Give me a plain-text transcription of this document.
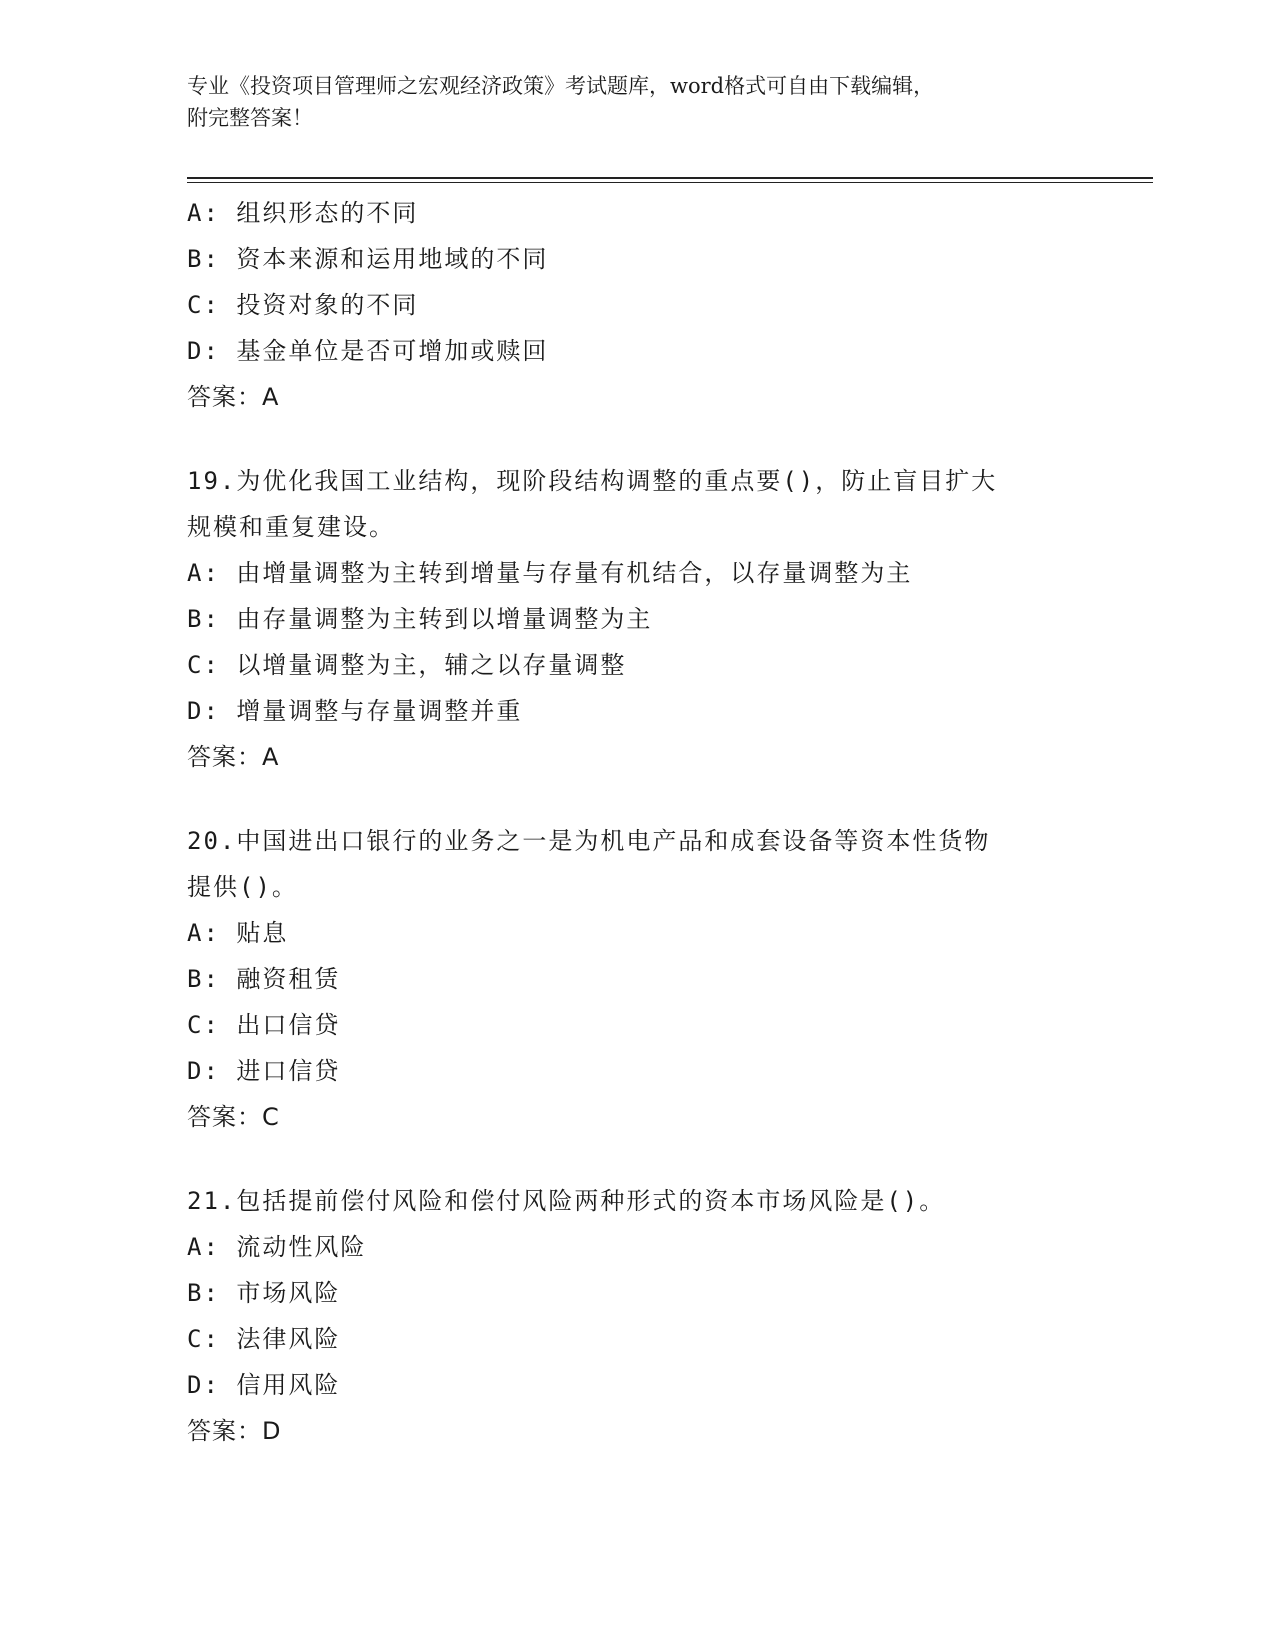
专业《投资项目管理师之宏观经济政策》考试题库，word格式可自由下载编辑，
附完整答案！
A: 组织形态的不同
B: 资本来源和运用地域的不同
C: 投资对象的不同
D: 基金单位是否可增加或赎回
答案：A
19.为优化我国工业结构，现阶段结构调整的重点要()，防止盲目扩大
规模和重复建设。
A: 由增量调整为主转到增量与存量有机结合，以存量调整为主
B: 由存量调整为主转到以增量调整为主
C: 以增量调整为主，辅之以存量调整
D: 增量调整与存量调整并重
答案：A
20.中国进出口银行的业务之一是为机电产品和成套设备等资本性货物
提供()。
A: 贴息
B: 融资租赁
C: 出口信贷
D: 进口信贷
答案：C
21.包括提前偿付风险和偿付风险两种形式的资本市场风险是()。
A: 流动性风险
B: 市场风险
C: 法律风险
D: 信用风险
答案：D
